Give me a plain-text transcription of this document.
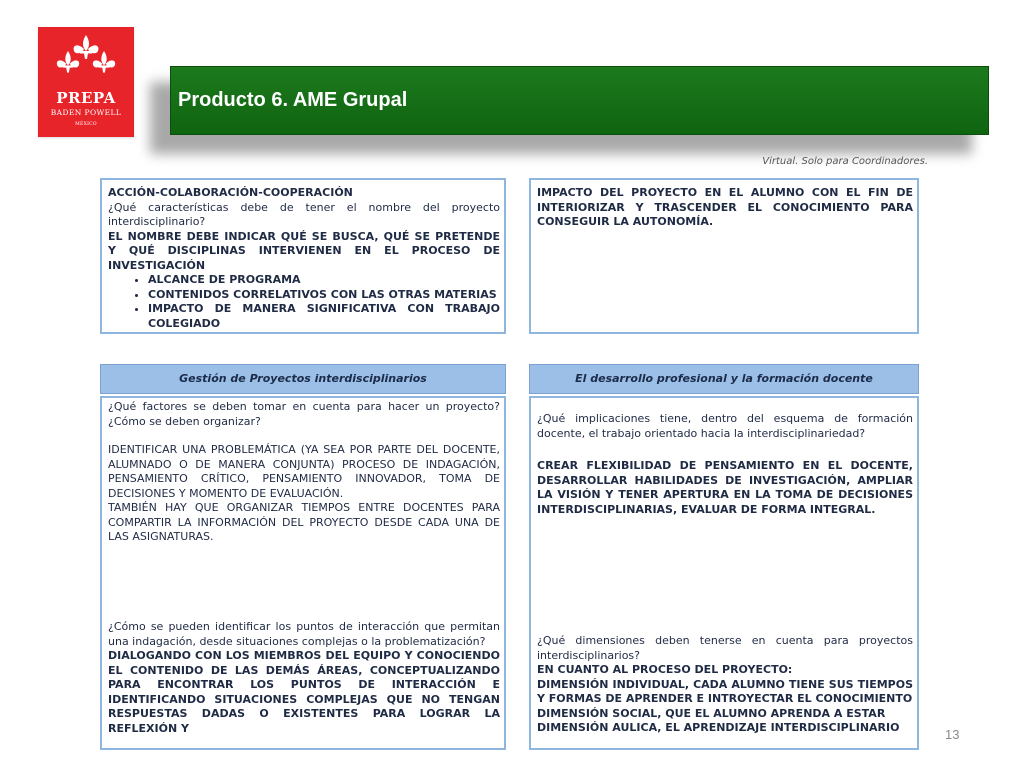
PREPA
BADEN POWELL
MÉXICO
Producto 6. AME Grupal
Virtual. Solo para Coordinadores.
ACCIÓN-COLABORACIÓN-COOPERACIÓN
¿Qué características debe de tener el nombre del proyecto interdisciplinario?
EL NOMBRE DEBE INDICAR QUÉ SE BUSCA, QUÉ SE PRETENDE Y QUÉ DISCIPLINAS INTERVIENEN EN EL PROCESO DE INVESTIGACIÓN
• ALCANCE DE PROGRAMA
• CONTENIDOS CORRELATIVOS CON LAS OTRAS MATERIAS
• IMPACTO DE MANERA SIGNIFICATIVA CON TRABAJO COLEGIADO
IMPACTO DEL PROYECTO EN EL ALUMNO CON EL FIN DE INTERIORIZAR Y TRASCENDER EL CONOCIMIENTO PARA CONSEGUIR LA AUTONOMÍA.
Gestión de Proyectos interdisciplinarios
¿Qué factores se deben tomar en cuenta para hacer un proyecto? ¿Cómo se deben organizar?
IDENTIFICAR UNA PROBLEMÁTICA (YA SEA POR PARTE DEL DOCENTE, ALUMNADO O DE MANERA CONJUNTA) PROCESO DE INDAGACIÓN, PENSAMIENTO CRÍTICO, PENSAMIENTO INNOVADOR, TOMA DE DECISIONES Y MOMENTO DE EVALUACIÓN.
TAMBIÉN HAY QUE ORGANIZAR TIEMPOS ENTRE DOCENTES PARA COMPARTIR LA INFORMACIÓN DEL PROYECTO DESDE CADA UNA DE LAS ASIGNATURAS.
¿Cómo se pueden identificar los puntos de interacción que permitan una indagación, desde situaciones complejas o la problematización?
DIALOGANDO CON LOS MIEMBROS DEL EQUIPO Y CONOCIENDO EL CONTENIDO DE LAS DEMÁS ÁREAS, CONCEPTUALIZANDO PARA ENCONTRAR LOS PUNTOS DE INTERACCIÓN E IDENTIFICANDO SITUACIONES COMPLEJAS QUE NO TENGAN RESPUESTAS DADAS O EXISTENTES PARA LOGRAR LA REFLEXIÓN Y
El desarrollo profesional y la formación docente
¿Qué implicaciones tiene, dentro del esquema de formación docente, el trabajo orientado hacia la interdisciplinariedad?
CREAR FLEXIBILIDAD DE PENSAMIENTO EN EL DOCENTE, DESARROLLAR HABILIDADES DE INVESTIGACIÓN, AMPLIAR LA VISIÓN Y TENER APERTURA EN LA TOMA DE DECISIONES INTERDISCIPLINARIAS, EVALUAR DE FORMA INTEGRAL.
¿Qué dimensiones deben tenerse en cuenta para proyectos interdisciplinarios?
EN CUANTO AL PROCESO DEL PROYECTO:
DIMENSIÓN INDIVIDUAL, CADA ALUMNO TIENE SUS TIEMPOS Y FORMAS DE APRENDER E INTROYECTAR EL CONOCIMIENTO
DIMENSIÓN SOCIAL, QUE EL ALUMNO APRENDA A ESTAR
DIMENSIÓN AULICA, EL APRENDIZAJE INTERDISCIPLINARIO	13
